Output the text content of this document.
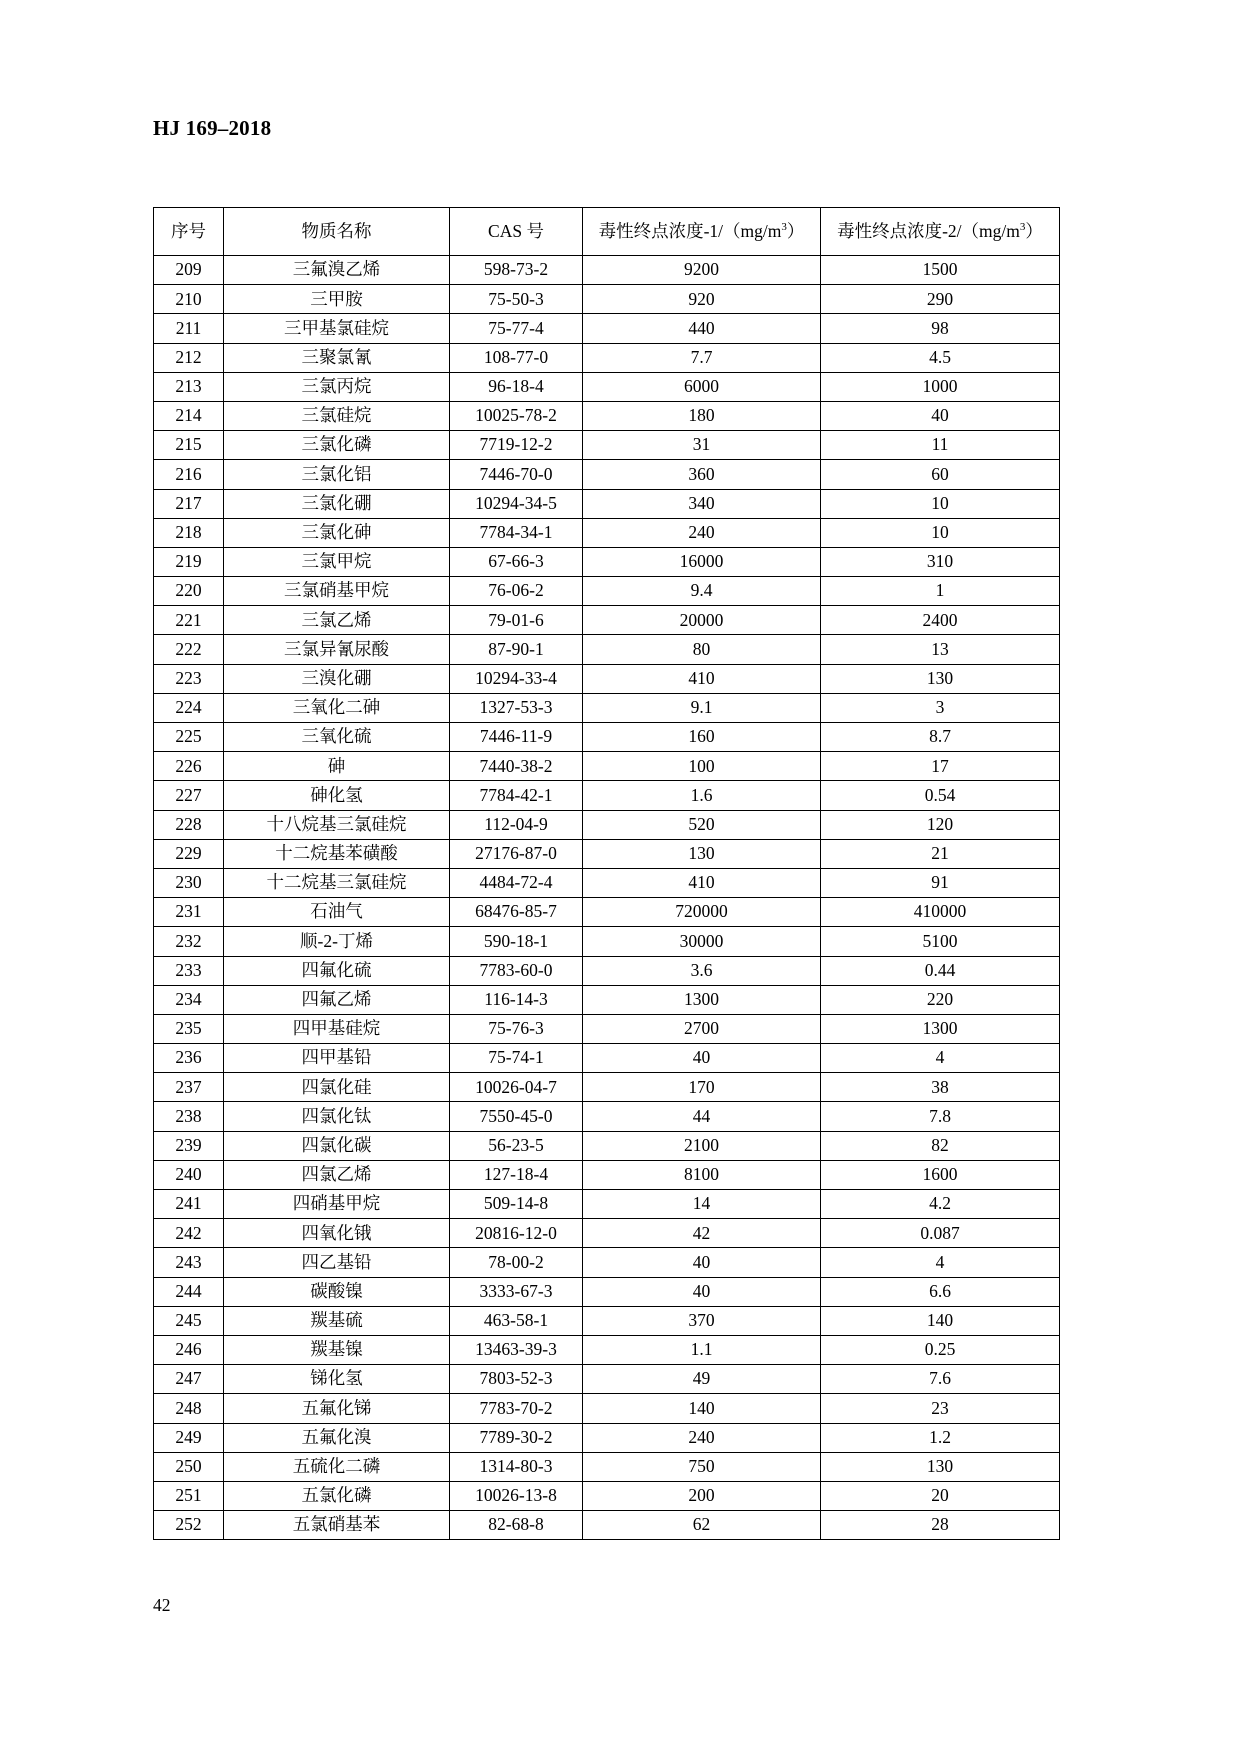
HJ 169–2018
序号	物质名称	CAS 号	毒性终点浓度$-1/(mg/m^3)$	毒性终点浓度$-2/(mg/m^3)$
209	三氟溴乙烯	598-73-2	9200	1500
210	三甲胺	75-50-3	920	290
211	三甲基氯硅烷	75-77-4	440	98
212	三聚氯氰	108-77-0	7.7	4.5
213	三氯丙烷	96-18-4	6000	1000
214	三氯硅烷	10025-78-2	180	40
215	三氯化磷	7719-12-2	31	11
216	三氯化铝	7446-70-0	360	60
217	三氯化硼	10294-34-5	340	10
218	三氯化砷	7784-34-1	240	10
219	三氯甲烷	67-66-3	16000	310
220	三氯硝基甲烷	76-06-2	9.4	1
221	三氯乙烯	79-01-6	20000	2400
222	三氯异氰尿酸	87-90-1	80	13
223	三溴化硼	10294-33-4	410	130
224	三氧化二砷	1327-53-3	9.1	3
225	三氧化硫	7446-11-9	160	8.7
226	砷	7440-38-2	100	17
227	砷化氢	7784-42-1	1.6	0.54
228	十八烷基三氯硅烷	112-04-9	520	120
229	十二烷基苯磺酸	27176-87-0	130	21
230	十二烷基三氯硅烷	4484-72-4	410	91
231	石油气	68476-85-7	720000	410000
232	顺-2-丁烯	590-18-1	30000	5100
233	四氟化硫	7783-60-0	3.6	0.44
234	四氟乙烯	116-14-3	1300	220
235	四甲基硅烷	75-76-3	2700	1300
236	四甲基铅	75-74-1	40	4
237	四氯化硅	10026-04-7	170	38
238	四氯化钛	7550-45-0	44	7.8
239	四氯化碳	56-23-5	2100	82
240	四氯乙烯	127-18-4	8100	1600
241	四硝基甲烷	509-14-8	14	4.2
242	四氧化锇	20816-12-0	42	0.087
243	四乙基铅	78-00-2	40	4
244	碳酸镍	3333-67-3	40	6.6
245	羰基硫	463-58-1	370	140
246	羰基镍	13463-39-3	1.1	0.25
247	锑化氢	7803-52-3	49	7.6
248	五氟化锑	7783-70-2	140	23
249	五氟化溴	7789-30-2	240	1.2
250	五硫化二磷	1314-80-3	750	130
251	五氯化磷	10026-13-8	200	20
252	五氯硝基苯	82-68-8	62	28
42
